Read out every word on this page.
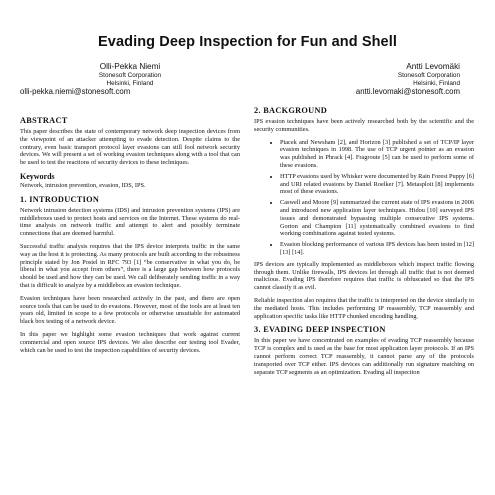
Evading Deep Inspection for Fun and Shell
Olli-Pekka Niemi
Stonesoft Corporation
Helsinki, Finland
olli-pekka.niemi@stonesoft.com
ABSTRACT

This paper describes the state of contemporary network deep inspection devices from the viewpoint of an attacker attempting to evade detection. Despite claims to the contrary, even basic transport protocol layer evasions can still fool network security devices. We will present a set of working evasion techniques along with a tool that can be used to test the reactions of security devices to these techniques.

Keywords

Network, intrusion prevention, evasion, IDS, IPS.

1. INTRODUCTION

Network intrusion detection systems (IDS) and intrusion prevention systems (IPS) are middleboxes used to protect hosts and services on the Internet. These systems do real-time analysis on network traffic and attempt to alert and possibly terminate connections that are deemed harmful.

Successful traffic analysis requires that the IPS device interprets traffic in the same way as the host it is protecting. As many protocols are built according to the robustness principle stated by Jon Postel in RFC 793 [1] “be conservative in what you do, be liberal in what you accept from others”, there is a large gap between how protocols should be used and how they can be used. We call deliberately sending traffic in a way that is difficult to analyze by a middlebox an evasion technique.

Evasion techniques have been researched actively in the past, and there are open source tools that can be used to do evasions. However, most of the tools are at least ten years old, limited in scope to a few protocols or otherwise unsuitable for automated black box testing of a network device.

In this paper we highlight some evasion techniques that work against current commercial and open source IPS devices. We also describe our testing tool Evader, which can be used to test the inspection capabilities of security devices.

Antti Levomäki
Stonesoft Corporation
Helsinki, Finland
antti.levomaki@stonesoft.com
2. BACKGROUND

IPS evasion techniques have been actively researched both by the scientific and the security communities.

• Ptacek and Newsham [2], and Horizon [3] published a set of TCP/IP layer evasion techniques in 1998. The use of TCP urgent pointer as an evasion was published in Phrack [4]. Fragroute [5] can be used to perform some of these evasions.
• HTTP evasions used by Whisker were documented by Rain Forest Puppy [6] and URI related evasions by Daniel Roelker [7]. Metasploit [8] implements most of these evasions.
• Caswell and Moore [9] summarized the current state of IPS evasions in 2006 and introduced new application layer techniques. Hidou [10] surveyed IPS issues and demonstrated bypassing multiple consecutive IPS systems. Gorton and Champion [11] systematically combined evasions to find working combinations against tested systems.
• Evasion blocking performance of various IPS devices has been tested in [12] [13] [14].

IPS devices are typically implemented as middleboxes which inspect traffic flowing through them. Unlike firewalls, IPS devices let through all traffic that is not deemed malicious. Evading IPS therefore requires that traffic is obfuscated so that the IPS cannot classify it as evil.

Reliable inspection also requires that the traffic is interpreted on the device similarly to the mediated hosts. This includes performing IP reassembly, TCP reassembly and application specific tasks like HTTP chunked encoding handling.

3. EVADING DEEP INSPECTION

In this paper we have concentrated on examples of evading TCP reassembly because TCP is complex and is used as the base for most application layer protocols. If an IPS cannot perform correct TCP reassembly, it cannot parse any of the protocols transported over TCP either. IPS devices can additionally run signature matching on separate TCP segments as an optimization. Evading all inspection
